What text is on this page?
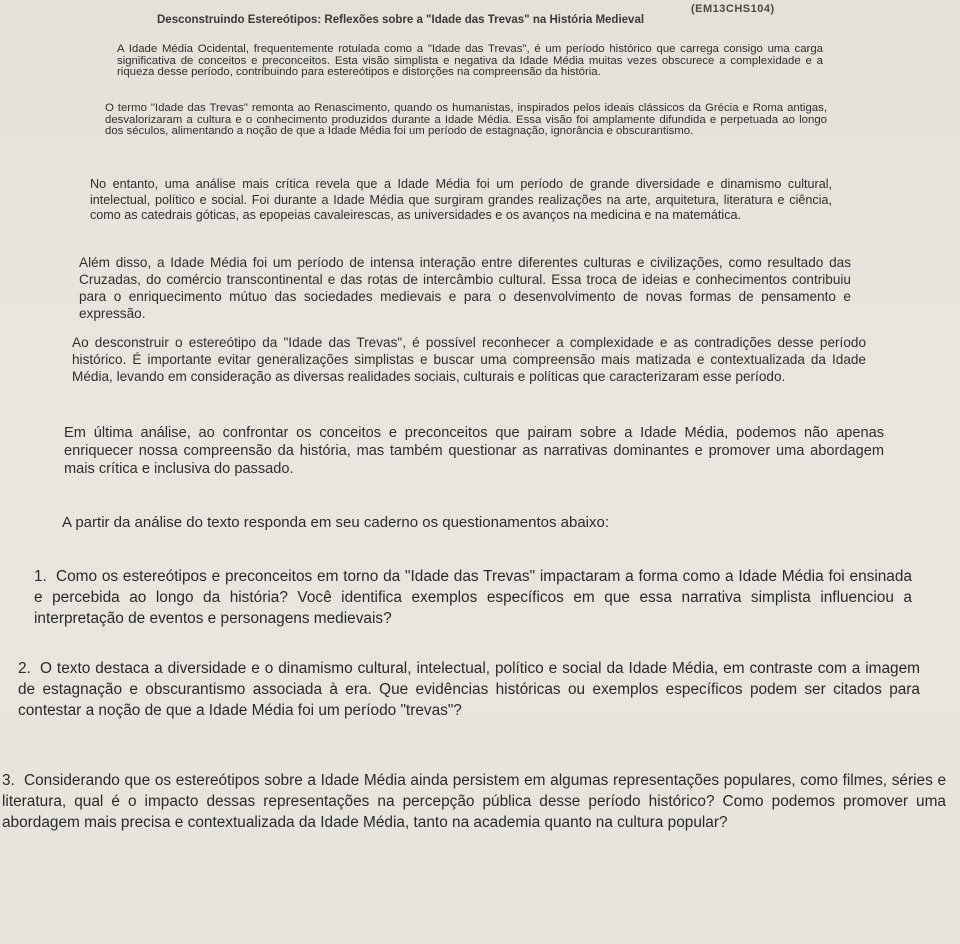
(EM13CHS104)
Desconstruindo Estereótipos: Reflexões sobre a "Idade das Trevas" na História Medieval

A Idade Média Ocidental, frequentemente rotulada como a "Idade das Trevas", é um período histórico que carrega consigo uma carga significativa de conceitos e preconceitos. Esta visão simplista e negativa da Idade Média muitas vezes obscurece a complexidade e a riqueza desse período, contribuindo para estereótipos e distorções na compreensão da história.

O termo "Idade das Trevas" remonta ao Renascimento, quando os humanistas, inspirados pelos ideais clássicos da Grécia e Roma antigas, desvalorizaram a cultura e o conhecimento produzidos durante a Idade Média. Essa visão foi amplamente difundida e perpetuada ao longo dos séculos, alimentando a noção de que a Idade Média foi um período de estagnação, ignorância e obscurantismo.

No entanto, uma análise mais crítica revela que a Idade Média foi um período de grande diversidade e dinamismo cultural, intelectual, político e social. Foi durante a Idade Média que surgiram grandes realizações na arte, arquitetura, literatura e ciência, como as catedrais góticas, as epopeias cavaleirescas, as universidades e os avanços na medicina e na matemática.

Além disso, a Idade Média foi um período de intensa interação entre diferentes culturas e civilizações, como resultado das Cruzadas, do comércio transcontinental e das rotas de intercâmbio cultural. Essa troca de ideias e conhecimentos contribuiu para o enriquecimento mútuo das sociedades medievais e para o desenvolvimento de novas formas de pensamento e expressão.

Ao desconstruir o estereótipo da "Idade das Trevas", é possível reconhecer a complexidade e as contradições desse período histórico. É importante evitar generalizações simplistas e buscar uma compreensão mais matizada e contextualizada da Idade Média, levando em consideração as diversas realidades sociais, culturais e políticas que caracterizaram esse período.

Em última análise, ao confrontar os conceitos e preconceitos que pairam sobre a Idade Média, podemos não apenas enriquecer nossa compreensão da história, mas também questionar as narrativas dominantes e promover uma abordagem mais crítica e inclusiva do passado.

A partir da análise do texto responda em seu caderno os questionamentos abaixo:

1. Como os estereótipos e preconceitos em torno da "Idade das Trevas" impactaram a forma como a Idade Média foi ensinada e percebida ao longo da história? Você identifica exemplos específicos em que essa narrativa simplista influenciou a interpretação de eventos e personagens medievais?

2. O texto destaca a diversidade e o dinamismo cultural, intelectual, político e social da Idade Média, em contraste com a imagem de estagnação e obscurantismo associada à era. Que evidências históricas ou exemplos específicos podem ser citados para contestar a noção de que a Idade Média foi um período "trevas"?

3. Considerando que os estereótipos sobre a Idade Média ainda persistem em algumas representações populares, como filmes, séries e literatura, qual é o impacto dessas representações na percepção pública desse período histórico? Como podemos promover uma abordagem mais precisa e contextualizada da Idade Média, tanto na academia quanto na cultura popular?
